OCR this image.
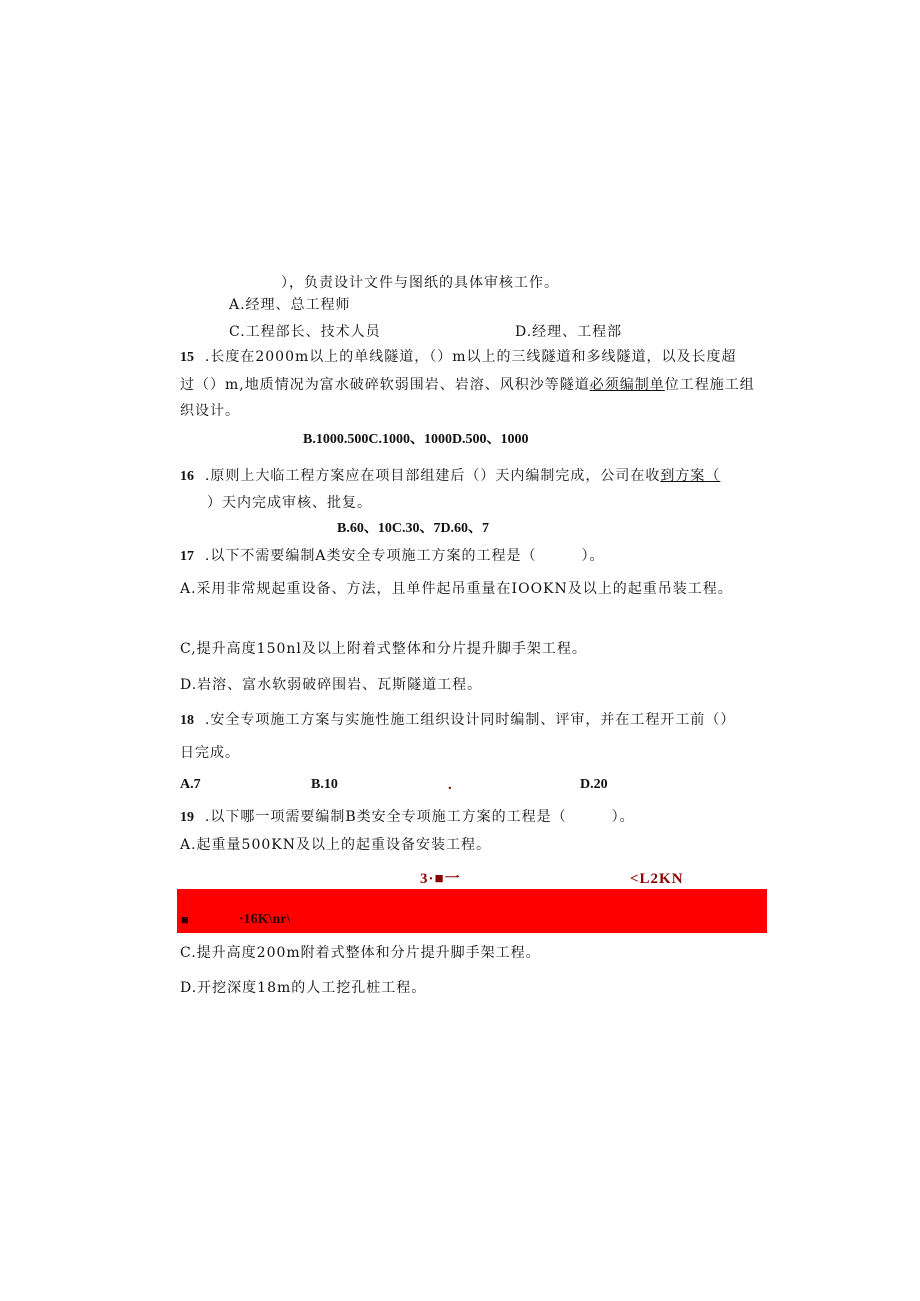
），负责设计文件与图纸的具体审核工作。
A.经理、总工程师
C.工程部长、技术人员	D.经理、工程部
15 .长度在2000m以上的单线隧道，（）m以上的三线隧道和多线隧道，以及长度超
过（）m,地质情况为富水破碎软弱围岩、岩溶、风积沙等隧道必须编制单位工程施工组
织设计。
B.1000.500C.1000、1000D.500、1000
16 .原则上大临工程方案应在项目部组建后（）天内编制完成，公司在收到方案（
）天内完成审核、批复。
B.60、10C.30、7D.60、7
17 .以下不需要编制A类安全专项施工方案的工程是（　　　）。
A.采用非常规起重设备、方法，且单件起吊重量在IOOKN及以上的起重吊装工程。
C,提升高度150nl及以上附着式整体和分片提升脚手架工程。
D.岩溶、富水软弱破碎围岩、瓦斯隧道工程。
18 .安全专项施工方案与实施性施工组织设计同时编制、评审，并在工程开工前（）
日完成。
A.7	B.10	.	D.20
19 .以下哪一项需要编制B类安全专项施工方案的工程是（　　　）。
A.起重量500KN及以上的起重设备安装工程。
3·■一	<L2KN
■	·16K\nr\
C.提升高度200m附着式整体和分片提升脚手架工程。
D.开挖深度18m的人工挖孔桩工程。
